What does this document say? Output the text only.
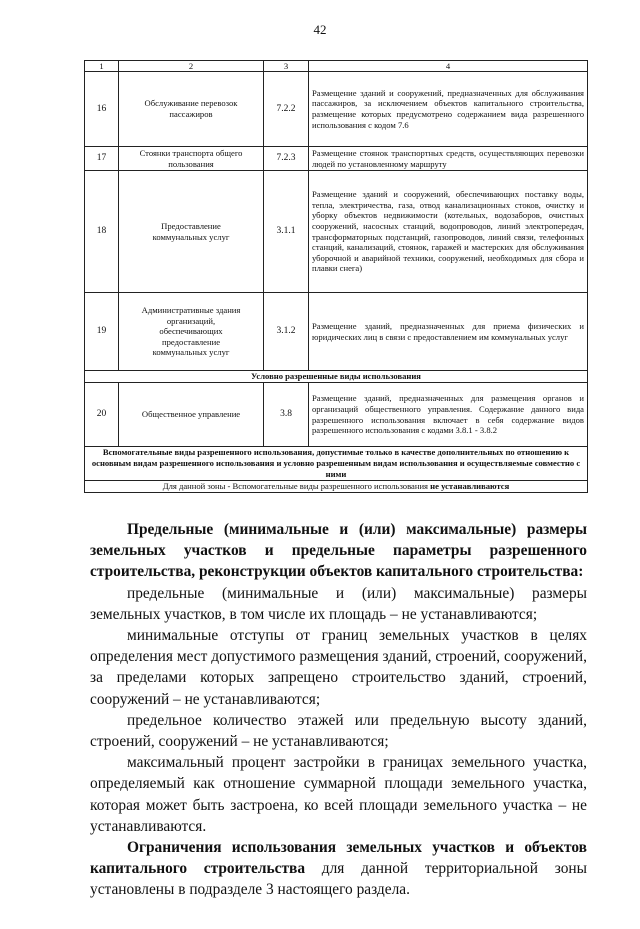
42
1	2	3	4
16	Обслуживание перевозок пассажиров	7.2.2	Размещение зданий и сооружений, предназначенных для обслуживания пассажиров, за исключением объектов капитального строительства, размещение которых предусмотрено содержанием вида разрешенного использования с кодом 7.6
17	Стоянки транспорта общего пользования	7.2.3	Размещение стоянок транспортных средств, осуществляющих перевозки людей по установленному маршруту
18	Предоставление коммунальных услуг	3.1.1	Размещение зданий и сооружений, обеспечивающих поставку воды, тепла, электричества, газа, отвод канализационных стоков, очистку и уборку объектов недвижимости (котельных, водозаборов, очистных сооружений, насосных станций, водопроводов, линий электропередач, трансформаторных подстанций, газопроводов, линий связи, телефонных станций, канализаций, стоянок, гаражей и мастерских для обслуживания уборочной и аварийной техники, сооружений, необходимых для сбора и плавки снега)
19	Административные здания организаций, обеспечивающих предоставление коммунальных услуг	3.1.2	Размещение зданий, предназначенных для приема физических и юридических лиц в связи с предоставлением им коммунальных услуг
Условно разрешенные виды использования			
20	Общественное управление	3.8	Размещение зданий, предназначенных для размещения органов и организаций общественного управления. Содержание данного вида разрешенного использования включает в себя содержание видов разрешенного использования с кодами 3.8.1 - 3.8.2
Вспомогательные виды разрешенного использования, допустимые только в качестве дополнительных по отношению к основным видам разрешенного использования и условно разрешенным видам использования и осуществляемые совместно с ними			
Для данной зоны - Вспомогательные виды разрешенного использования не устанавливаются			

Предельные (минимальные и (или) максимальные) размеры земельных участков и предельные параметры разрешенного строительства, реконструкции объектов капитального строительства:

предельные (минимальные и (или) максимальные) размеры земельных участков, в том числе их площадь – не устанавливаются;

минимальные отступы от границ земельных участков в целях определения мест допустимого размещения зданий, строений, сооружений, за пределами которых запрещено строительство зданий, строений, сооружений – не устанавливаются;

предельное количество этажей или предельную высоту зданий, строений, сооружений – не устанавливаются;

максимальный процент застройки в границах земельного участка, определяемый как отношение суммарной площади земельного участка, которая может быть застроена, ко всей площади земельного участка – не устанавливаются.

Ограничения использования земельных участков и объектов капитального строительства для данной территориальной зоны установлены в подразделе 3 настоящего раздела.
